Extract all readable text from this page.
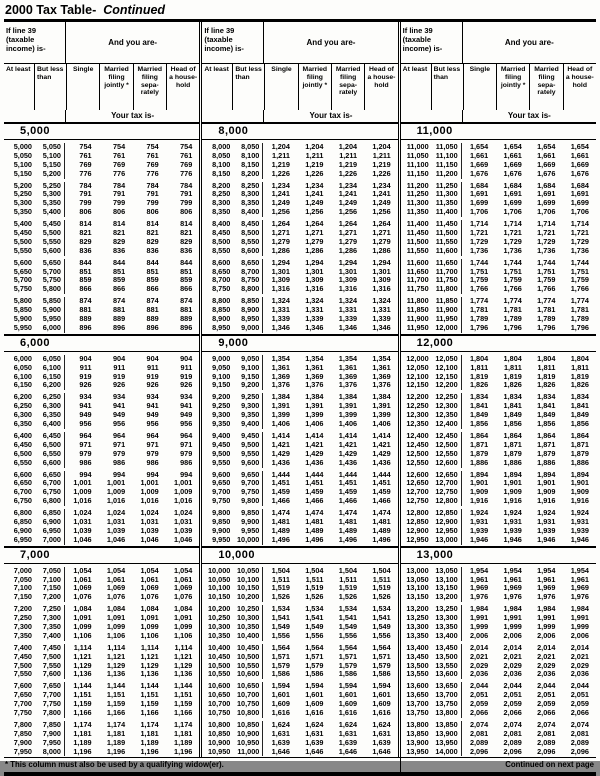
2000 Tax Table- Continued
If line 39 (taxable income) is-
And you are-
At least But less than
Single	Married filing jointly *
Married filing sepa-rately
Head of a house-hold
Your tax is-
5,000
5,000	5,050	754	754	754	754
5,050	5,100	761	761	761	761
5,100	5,150	769	769	769	769
5,150	5,200	776	776	776	776
5,200	5,250	784	784	784	784
5,250	5,300	791	791	791	791
5,300	5,350	799	799	799	799
5,350	5,400	806	806	806	806
5,400	5,450	814	814	814	814
5,450	5,500	821	821	821	821
5,500	5,550	829	829	829	829
5,550	5,600	836	836	836	836
5,600	5,650	844	844	844	844
5,650	5,700	851	851	851	851
5,700	5,750	859	859	859	859
5,750	5,800	866	866	866	866
5,800	5,850	874	874	874	874
5,850	5,900	881	881	881	881
5,900	5,950	889	889	889	889
5,950	6,000	896	896	896	896
6,000
6,000	6,050	904	904	904	904
6,050	6,100	911	911	911	911
6,100	6,150	919	919	919	919
6,150	6,200	926	926	926	926
6,200	6,250	934	934	934	934
6,250	6,300	941	941	941	941
6,300	6,350	949	949	949	949
6,350	6,400	956	956	956	956
6,400	6,450	964	964	964	964
6,450	6,500	971	971	971	971
6,500	6,550	979	979	979	979
6,550	6,600	986	986	986	986
6,600	6,650	994	994	994	994
6,650	6,700	1,001	1,001	1,001	1,001
6,700	6,750	1,009	1,009	1,009	1,009
6,750	6,800	1,016	1,016	1,016	1,016
6,800	6,850	1,024	1,024	1,024	1,024
6,850	6,900	1,031	1,031	1,031	1,031
6,900	6,950	1,039	1,039	1,039	1,039
6,950	7,000	1,046	1,046	1,046	1,046
7,000
7,000	7,050	1,054	1,054	1,054	1,054
7,050	7,100	1,061	1,061	1,061	1,061
7,100	7,150	1,069	1,069	1,069	1,069
7,150	7,200	1,076	1,076	1,076	1,076
7,200	7,250	1,084	1,084	1,084	1,084
7,250	7,300	1,091	1,091	1,091	1,091
7,300	7,350	1,099	1,099	1,099	1,099
7,350	7,400	1,106	1,106	1,106	1,106
7,400	7,450	1,114	1,114	1,114	1,114
7,450	7,500	1,121	1,121	1,121	1,121
7,500	7,550	1,129	1,129	1,129	1,129
7,550	7,600	1,136	1,136	1,136	1,136
7,600	7,650	1,144	1,144	1,144	1,144
7,650	7,700	1,151	1,151	1,151	1,151
7,700	7,750	1,159	1,159	1,159	1,159
7,750	7,800	1,166	1,166	1,166	1,166
7,800	7,850	1,174	1,174	1,174	1,174
7,850	7,900	1,181	1,181	1,181	1,181
7,900	7,950	1,189	1,189	1,189	1,189
7,950	8,000	1,196	1,196	1,196	1,196
If line 39 (taxable income) is-
And you are-
At least But less than
Single	Married filing jointly *
Married filing sepa-rately
Head of a house-hold
Your tax is-
8,000
8,000	8,050	1,204	1,204	1,204	1,204
8,050	8,100	1,211	1,211	1,211	1,211
8,100	8,150	1,219	1,219	1,219	1,219
8,150	8,200	1,226	1,226	1,226	1,226
8,200	8,250	1,234	1,234	1,234	1,234
8,250	8,300	1,241	1,241	1,241	1,241
8,300	8,350	1,249	1,249	1,249	1,249
8,350	8,400	1,256	1,256	1,256	1,256
8,400	8,450	1,264	1,264	1,264	1,264
8,450	8,500	1,271	1,271	1,271	1,271
8,500	8,550	1,279	1,279	1,279	1,279
8,550	8,600	1,286	1,286	1,286	1,286
8,600	8,650	1,294	1,294	1,294	1,294
8,650	8,700	1,301	1,301	1,301	1,301
8,700	8,750	1,309	1,309	1,309	1,309
8,750	8,800	1,316	1,316	1,316	1,316
8,800	8,850	1,324	1,324	1,324	1,324
8,850	8,900	1,331	1,331	1,331	1,331
8,900	8,950	1,339	1,339	1,339	1,339
8,950	9,000	1,346	1,346	1,346	1,346
9,000
9,000	9,050	1,354	1,354	1,354	1,354
9,050	9,100	1,361	1,361	1,361	1,361
9,100	9,150	1,369	1,369	1,369	1,369
9,150	9,200	1,376	1,376	1,376	1,376
9,200	9,250	1,384	1,384	1,384	1,384
9,250	9,300	1,391	1,391	1,391	1,391
9,300	9,350	1,399	1,399	1,399	1,399
9,350	9,400	1,406	1,406	1,406	1,406
9,400	9,450	1,414	1,414	1,414	1,414
9,450	9,500	1,421	1,421	1,421	1,421
9,500	9,550	1,429	1,429	1,429	1,429
9,550	9,600	1,436	1,436	1,436	1,436
9,600	9,650	1,444	1,444	1,444	1,444
9,650	9,700	1,451	1,451	1,451	1,451
9,700	9,750	1,459	1,459	1,459	1,459
9,750	9,800	1,466	1,466	1,466	1,466
9,800	9,850	1,474	1,474	1,474	1,474
9,850	9,900	1,481	1,481	1,481	1,481
9,900	9,950	1,489	1,489	1,489	1,489
9,950 10,000	1,496	1,496	1,496	1,496
10,000
10,000 10,050	1,504	1,504	1,504	1,504
10,050 10,100	1,511	1,511	1,511	1,511
10,100 10,150	1,519	1,519	1,519	1,519
10,150 10,200	1,526	1,526	1,526	1,526
10,200 10,250	1,534	1,534	1,534	1,534
10,250 10,300	1,541	1,541	1,541	1,541
10,300 10,350	1,549	1,549	1,549	1,549
10,350 10,400	1,556	1,556	1,556	1,556
10,400 10,450	1,564	1,564	1,564	1,564
10,450 10,500	1,571	1,571	1,571	1,571
10,500 10,550	1,579	1,579	1,579	1,579
10,550 10,600	1,586	1,586	1,586	1,586
10,600 10,650	1,594	1,594	1,594	1,594
10,650 10,700	1,601	1,601	1,601	1,601
10,700 10,750	1,609	1,609	1,609	1,609
10,750 10,800	1,616	1,616	1,616	1,616
10,800 10,850	1,624	1,624	1,624	1,624
10,850 10,900	1,631	1,631	1,631	1,631
10,900 10,950	1,639	1,639	1,639	1,639
10,950 11,000	1,646	1,646	1,646	1,646
If line 39 (taxable income) is-
And you are-
At least But less than
Single	Married filing jointly *
Married filing sepa-rately
Head of a house-hold
Your tax is-
11,000
11,000 11,050	1,654	1,654	1,654	1,654
11,050 11,100	1,661	1,661	1,661	1,661
11,100 11,150	1,669	1,669	1,669	1,669
11,150 11,200	1,676	1,676	1,676	1,676
11,200 11,250	1,684	1,684	1,684	1,684
11,250 11,300	1,691	1,691	1,691	1,691
11,300 11,350	1,699	1,699	1,699	1,699
11,350 11,400	1,706	1,706	1,706	1,706
11,400 11,450	1,714	1,714	1,714	1,714
11,450 11,500	1,721	1,721	1,721	1,721
11,500 11,550	1,729	1,729	1,729	1,729
11,550 11,600	1,736	1,736	1,736	1,736
11,600 11,650	1,744	1,744	1,744	1,744
11,650 11,700	1,751	1,751	1,751	1,751
11,700 11,750	1,759	1,759	1,759	1,759
11,750 11,800	1,766	1,766	1,766	1,766
11,800 11,850	1,774	1,774	1,774	1,774
11,850 11,900	1,781	1,781	1,781	1,781
11,900 11,950	1,789	1,789	1,789	1,789
11,950 12,000	1,796	1,796	1,796	1,796
12,000
12,000 12,050	1,804	1,804	1,804	1,804
12,050 12,100	1,811	1,811	1,811	1,811
12,100 12,150	1,819	1,819	1,819	1,819
12,150 12,200	1,826	1,826	1,826	1,826
12,200 12,250	1,834	1,834	1,834	1,834
12,250 12,300	1,841	1,841	1,841	1,841
12,300 12,350	1,849	1,849	1,849	1,849
12,350 12,400	1,856	1,856	1,856	1,856
12,400 12,450	1,864	1,864	1,864	1,864
12,450 12,500	1,871	1,871	1,871	1,871
12,500 12,550	1,879	1,879	1,879	1,879
12,550 12,600	1,886	1,886	1,886	1,886
12,600 12,650	1,894	1,894	1,894	1,894
12,650 12,700	1,901	1,901	1,901	1,901
12,700 12,750	1,909	1,909	1,909	1,909
12,750 12,800	1,916	1,916	1,916	1,916
12,800 12,850	1,924	1,924	1,924	1,924
12,850 12,900	1,931	1,931	1,931	1,931
12,900 12,950	1,939	1,939	1,939	1,939
12,950 13,000	1,946	1,946	1,946	1,946
13,000
13,000 13,050	1,954	1,954	1,954	1,954
13,050 13,100	1,961	1,961	1,961	1,961
13,100 13,150	1,969	1,969	1,969	1,969
13,150 13,200	1,976	1,976	1,976	1,976
13,200 13,250	1,984	1,984	1,984	1,984
13,250 13,300	1,991	1,991	1,991	1,991
13,300 13,350	1,999	1,999	1,999	1,999
13,350 13,400	2,006	2,006	2,006	2,006
13,400 13,450	2,014	2,014	2,014	2,014
13,450 13,500	2,021	2,021	2,021	2,021
13,500 13,550	2,029	2,029	2,029	2,029
13,550 13,600	2,036	2,036	2,036	2,036
13,600 13,650	2,044	2,044	2,044	2,044
13,650 13,700	2,051	2,051	2,051	2,051
13,700 13,750	2,059	2,059	2,059	2,059
13,750 13,800	2,066	2,066	2,066	2,066
13,800 13,850	2,074	2,074	2,074	2,074
13,850 13,900	2,081	2,081	2,081	2,081
13,900 13,950	2,089	2,089	2,089	2,089
13,950 14,000	2,096	2,096	2,096	2,096
* This column must also be used by a qualifying widow(er).	Continued on next page
